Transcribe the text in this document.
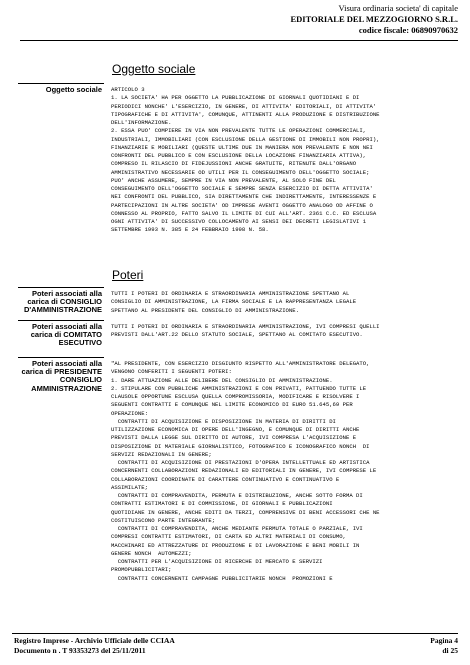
Visura ordinaria societa' di capitale
EDITORIALE DEL MEZZOGIORNO S.R.L.
codice fiscale: 06890970632
Oggetto sociale
Oggetto sociale ARTICOLO 3
1. LA SOCIETA' HA PER OGGETTO LA PUBBLICAZIONE DI GIORNALI QUOTIDIANI E DI
PERIODICI NONCHE' L'ESERCIZIO, IN GENERE, DI ATTIVITA' EDITORIALI, DI ATTIVITA'
TIPOGRAFICHE E DI ATTIVITA', COMUNQUE, ATTINENTI ALLA PRODUZIONE E DISTRIBUZIONE
DELL'INFORMAZIONE.
2. ESSA PUO' COMPIERE IN VIA NON PREVALENTE TUTTE LE OPERAZIONI COMMERCIALI,
INDUSTRIALI, IMMOBILIARI (CON ESCLUSIONE DELLA GESTIONE DI IMMOBILI NON PROPRI),
FINANZIARIE E MOBILIARI (QUESTE ULTIME DUE IN MANIERA NON PREVALENTE E NON NEI
CONFRONTI DEL PUBBLICO E CON ESCLUSIONE DELLA LOCAZIONE FINANZIARIA ATTIVA),
COMPRESO IL RILASCIO DI FIDEJUSSIONI ANCHE GRATUITE, RITENUTE DALL'ORGANO
AMMINISTRATIVO NECESSARIE OD UTILI PER IL CONSEGUIMENTO DELL'OGGETTO SOCIALE;
PUO' ANCHE ASSUMERE, SEMPRE IN VIA NON PREVALENTE, AL SOLO FINE DEL
CONSEGUIMENTO DELL'OGGETTO SOCIALE E SEMPRE SENZA ESERCIZIO DI DETTA ATTIVITA'
NEI CONFRONTI DEL PUBBLICO, SIA DIRETTAMENTE CHE INDIRETTAMENTE, INTERESSENZE E
PARTECIPAZIONI IN ALTRE SOCIETA' OD IMPRESE AVENTI OGGETTO ANALOGO OD AFFINE O
CONNESSO AL PROPRIO, FATTO SALVO IL LIMITE DI CUI ALL'ART. 2361 C.C. ED ESCLUSA
OGNI ATTIVITA' DI SUCCESSIVO COLLOCAMENTO AI SENSI DEI DECRETI LEGISLATIVI 1
SETTEMBRE 1993 N. 385 E 24 FEBBRAIO 1998 N. 58.
Poteri
Poteri associati alla carica di CONSIGLIO D'AMMINISTRAZIONE
TUTTI I POTERI DI ORDINARIA E STRAORDINARIA AMMINISTRAZIONE SPETTANO AL
CONSIGLIO DI AMMINISTRAZIONE, LA FIRMA SOCIALE E LA RAPPRESENTANZA LEGALE
SPETTANO AL PRESIDENTE DEL CONSIGLIO DI AMMINISTRAZIONE.
Poteri associati alla carica di COMITATO ESECUTIVO
TUTTI I POTERI DI ORDINARIA E STRAORDINARIA AMMINISTRAZIONE, IVI COMPRESI QUELLI
PREVISTI DALL'ART.22 DELLO STATUTO SOCIALE, SPETTANO AL COMITATO ESECUTIVO.
Poteri associati alla carica di PRESIDENTE CONSIGLIO AMMINISTRAZIONE
"AL PRESIDENTE, CON ESERCIZIO DISGIUNTO RISPETTO ALL'AMMINISTRATORE DELEGATO,
VENGONO CONFERITI I SEGUENTI POTERI:
1. DARE ATTUAZIONE ALLE DELIBERE DEL CONSIGLIO DI AMMINISTRAZIONE.
2. STIPULARE CON PUBBLICHE AMMINISTRAZIONI E CON PRIVATI, PATTUENDO TUTTE LE
CLAUSOLE OPPORTUNE ESCLUSA QUELLA COMPROMISSORIA, MODIFICARE E RISOLVERE I
SEGUENTI CONTRATTI E COMUNQUE NEL LIMITE ECONOMICO DI EURO 51.645,69 PER
OPERAZIONE:
CONTRATTI DI ACQUISIZIONE E DISPOSIZIONE IN MATERIA DI DIRITTI DI
UTILIZZAZIONE ECONOMICA DI OPERE DELL'INGEGNO, E COMUNQUE DI DIRITTI ANCHE
PREVISTI DALLA LEGGE SUL DIRITTO DI AUTORE, IVI COMPRESA L'ACQUISIZIONE E
DISPOSIZIONE DI MATERIALE GIORNALISTICO, FOTOGRAFICO E ICONOGRAFICO NONCH  DI
SERVIZI REDAZIONALI IN GENERE;
CONTRATTI DI ACQUISIZIONE DI PRESTAZIONI D'OPERA INTELLETTUALE ED ARTISTICA
CONCERNENTI COLLABORAZIONI REDAZIONALI ED EDITORIALI IN GENERE, IVI COMPRESE LE
COLLABORAZIONI COORDINATE DI CARATTERE CONTINUATIVO E CONTINUATIVO E
ASSIMILATE;
CONTRATTI DI COMPRAVENDITA, PERMUTA E DISTRIBUZIONE, ANCHE SOTTO FORMA DI
CONTRATTI ESTIMATORI E DI COMMISSIONE, DI GIORNALI E PUBBLICAZIONI
QUOTIDIANE IN GENERE, ANCHE EDITI DA TERZI, COMPRENSIVE DI BENI ACCESSORI CHE NE
COSTITUISCONO PARTE INTEGRANTE;
CONTRATTI DI COMPRAVENDITA, ANCHE MEDIANTE PERMUTA TOTALE O PARZIALE, IVI
COMPRESI CONTRATTI ESTIMATORI, DI CARTA ED ALTRI MATERIALI DI CONSUMO,
MACCHINARI ED ATTREZZATURE DI PRODUZIONE E DI LAVORAZIONE E BENI MOBILI IN
GENERE NONCH  AUTOMEZZI;
CONTRATTI PER L'ACQUISIZIONE DI RICERCHE DI MERCATO E SERVIZI
PROMOPUBBLICITARI;
CONTRATTI CONCERNENTI CAMPAGNE PUBBLICITARIE NONCH  PROMOZIONI E
Registro Imprese - Archivio Ufficiale delle CCIAA
Documento n . T 93353273 del 25/11/2011
Pagina 4
di 25
